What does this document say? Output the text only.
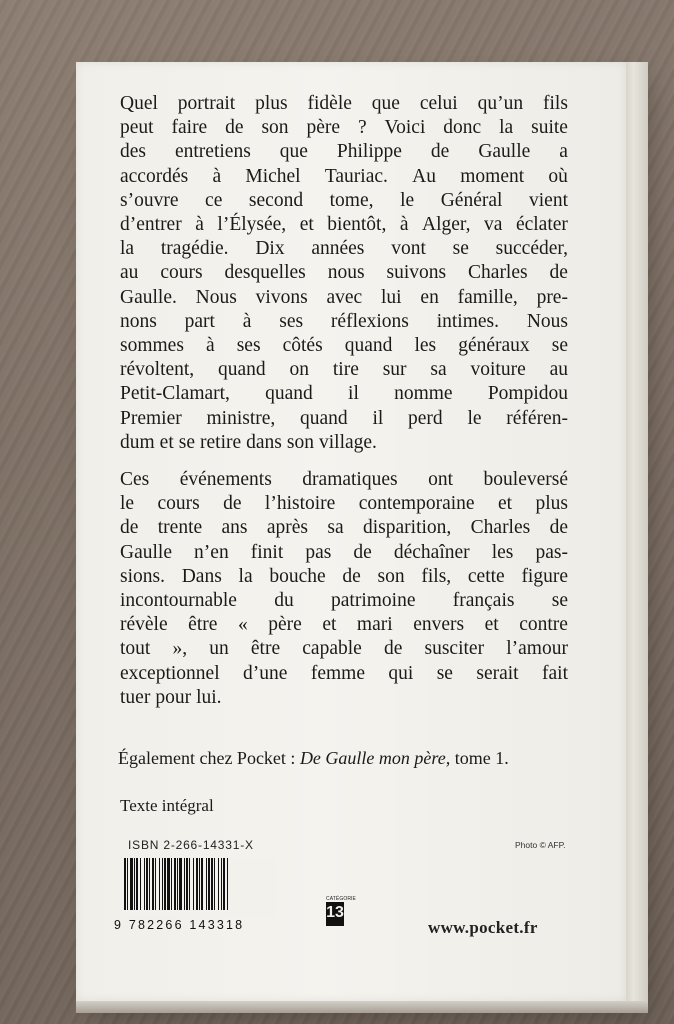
Quel portrait plus fidèle que celui qu’un fils
peut faire de son père ? Voici donc la suite
des entretiens que Philippe de Gaulle a
accordés à Michel Tauriac. Au moment où
s’ouvre ce second tome, le Général vient
d’entrer à l’Élysée, et bientôt, à Alger, va éclater
la tragédie. Dix années vont se succéder,
au cours desquelles nous suivons Charles de
Gaulle. Nous vivons avec lui en famille, pre-
nons part à ses réflexions intimes. Nous
sommes à ses côtés quand les généraux se
révoltent, quand on tire sur sa voiture au
Petit-Clamart, quand il nomme Pompidou
Premier ministre, quand il perd le référen-
dum et se retire dans son village.
Ces événements dramatiques ont bouleversé
le cours de l’histoire contemporaine et plus
de trente ans après sa disparition, Charles de
Gaulle n’en finit pas de déchaîner les pas-
sions. Dans la bouche de son fils, cette figure
incontournable du patrimoine français se
révèle être « père et mari envers et contre
tout », un être capable de susciter l’amour
exceptionnel d’une femme qui se serait fait
tuer pour lui.
Également chez Pocket : De Gaulle mon père, tome 1.
Texte intégral
ISBN 2-266-14331-X	Photo © AFP.
9 782266 143318
CATÉGORIE
13
www.pocket.fr
